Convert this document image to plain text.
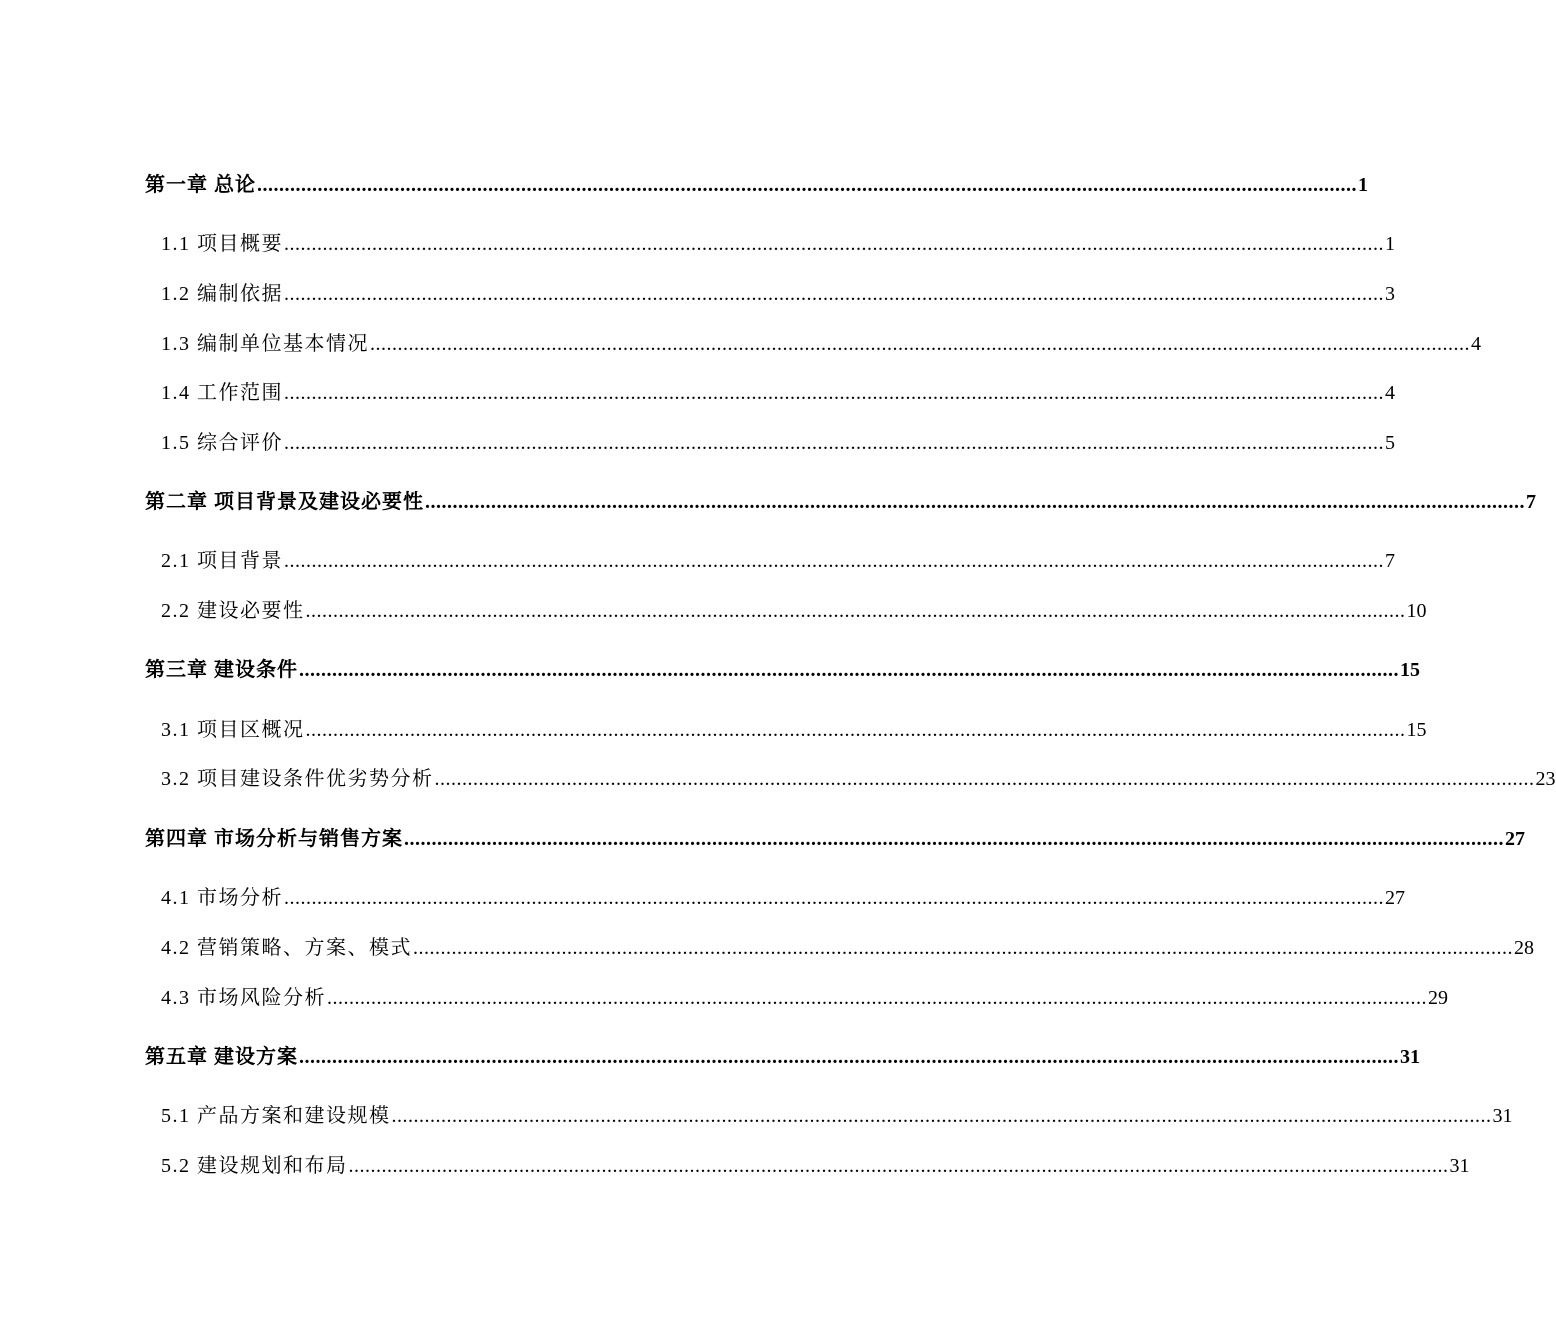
第一章 总论 ........................................................................................................................................................................................................ 1
1.1 项目概要 ........................................................................................................................................................................................................ 1
1.2 编制依据 ........................................................................................................................................................................................................ 3
1.3 编制单位基本情况 ........................................................................................................................................................................................................ 4
1.4 工作范围 ........................................................................................................................................................................................................ 4
1.5 综合评价 ........................................................................................................................................................................................................ 5
第二章 项目背景及建设必要性 ........................................................................................................................................................................................................ 7
2.1 项目背景 ........................................................................................................................................................................................................ 7
2.2 建设必要性 ........................................................................................................................................................................................................ 10
第三章 建设条件 ........................................................................................................................................................................................................ 15
3.1 项目区概况 ........................................................................................................................................................................................................ 15
3.2 项目建设条件优劣势分析 ........................................................................................................................................................................................................ 23
第四章 市场分析与销售方案 ........................................................................................................................................................................................................ 27
4.1 市场分析 ........................................................................................................................................................................................................ 27
4.2 营销策略、方案、模式 ........................................................................................................................................................................................................ 28
4.3 市场风险分析 ........................................................................................................................................................................................................ 29
第五章 建设方案 ........................................................................................................................................................................................................ 31
5.1 产品方案和建设规模 ........................................................................................................................................................................................................ 31
5.2 建设规划和布局 ........................................................................................................................................................................................................ 31
